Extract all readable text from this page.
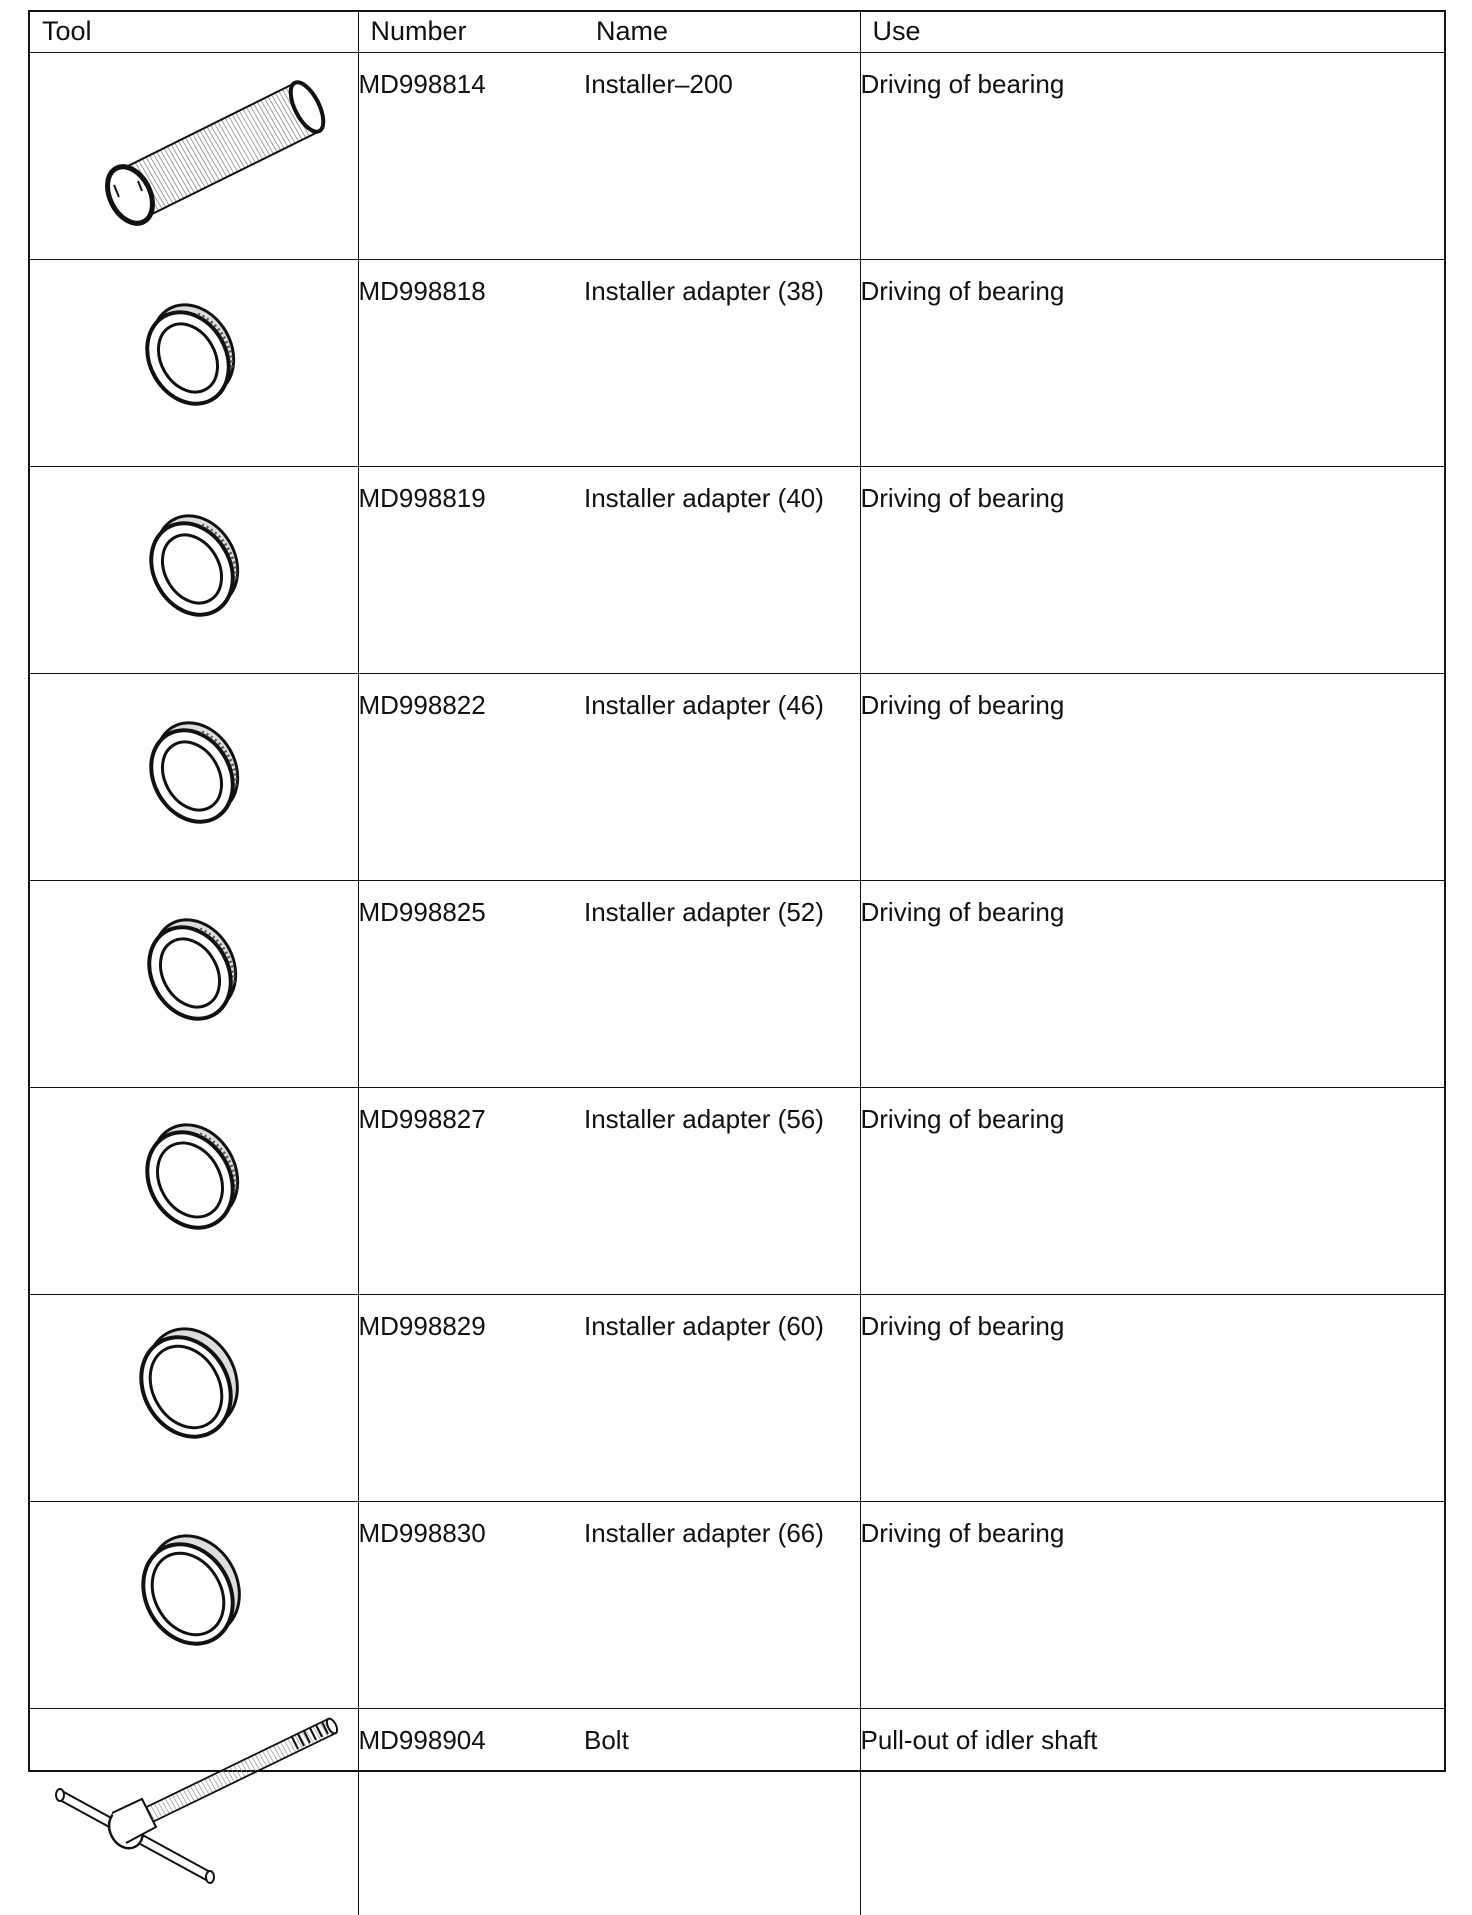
Tool	Number	Name	Use

	MD998814	Installer–200	Driving of bearing

	MD998818	Installer adapter (38)	Driving of bearing

	MD998819	Installer adapter (40)	Driving of bearing

	MD998822	Installer adapter (46)	Driving of bearing

	MD998825	Installer adapter (52)	Driving of bearing

	MD998827	Installer adapter (56)	Driving of bearing

	MD998829	Installer adapter (60)	Driving of bearing

	MD998830	Installer adapter (66)	Driving of bearing

	MD998904	Bolt	Pull-out of idler shaft
